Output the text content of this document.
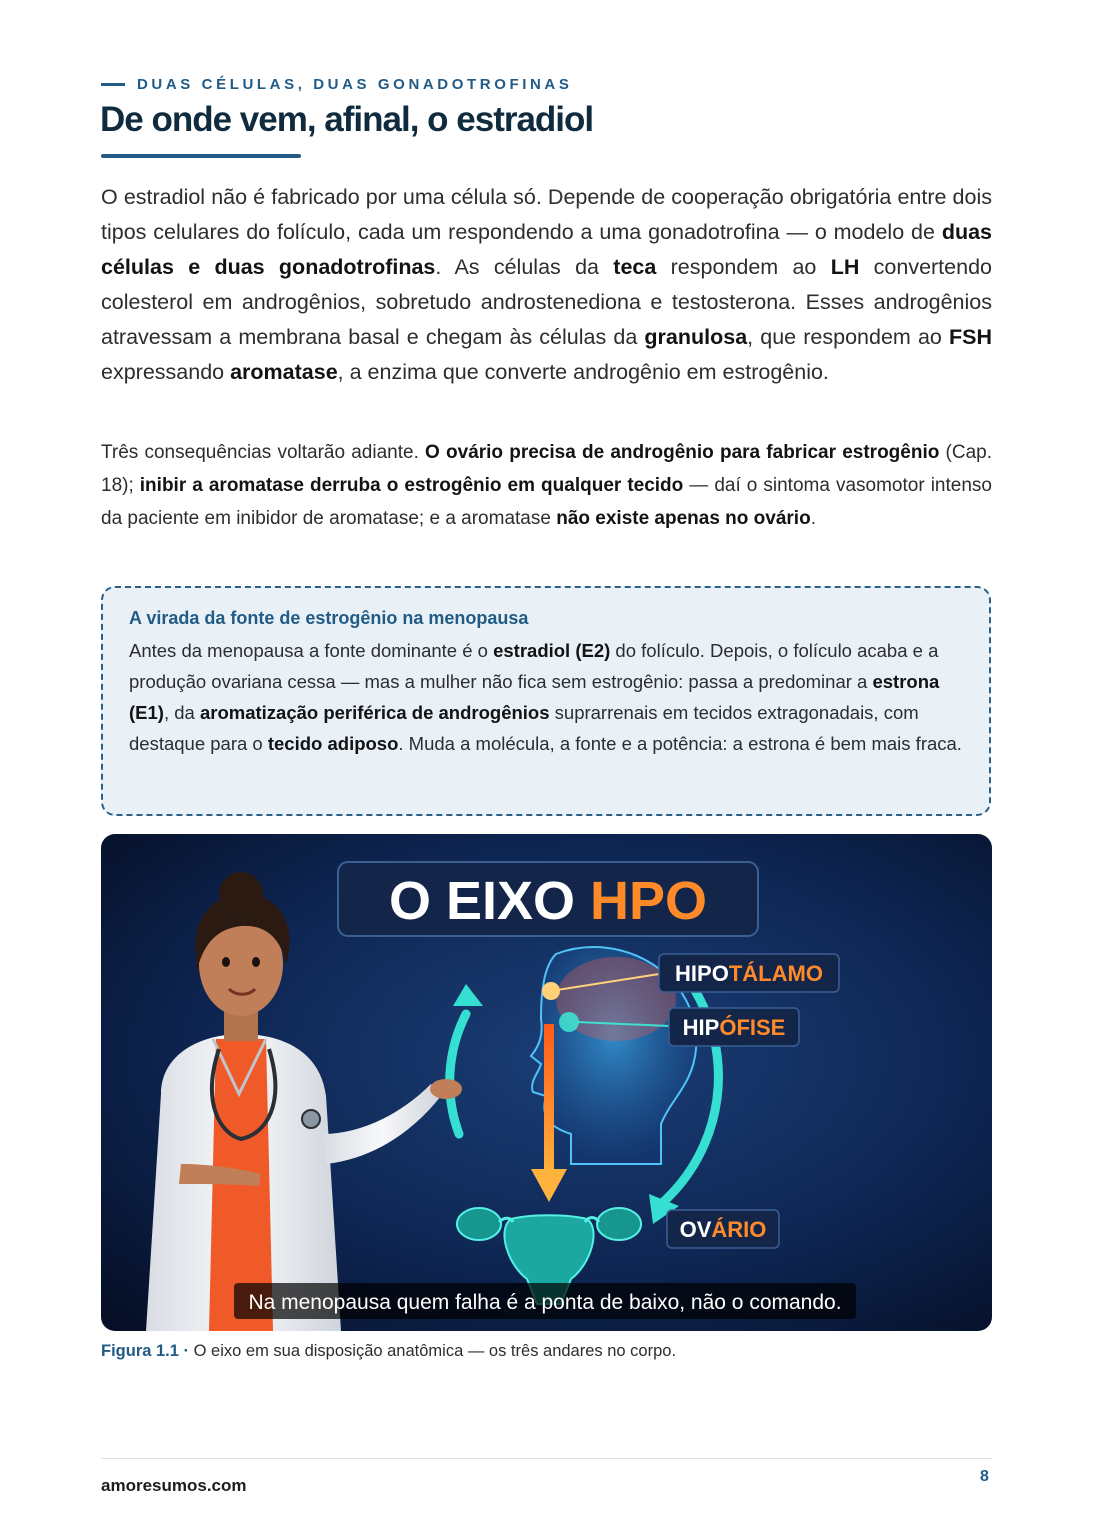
DUAS CÉLULAS, DUAS GONADOTROFINAS
De onde vem, afinal, o estradiol

O estradiol não é fabricado por uma célula só. Depende de cooperação obrigatória entre dois tipos celulares do folículo, cada um respondendo a uma gonadotrofina — o modelo de duas células e duas gonadotrofinas. As células da teca respondem ao LH convertendo colesterol em androgênios, sobretudo androstenediona e testosterona. Esses androgênios atravessam a membrana basal e chegam às células da granulosa, que respondem ao FSH expressando aromatase, a enzima que converte androgênio em estrogênio.

Três consequências voltarão adiante. O ovário precisa de androgênio para fabricar estrogênio (Cap. 18); inibir a aromatase derruba o estrogênio em qualquer tecido — daí o sintoma vasomotor intenso da paciente em inibidor de aromatase; e a aromatase não existe apenas no ovário.

A virada da fonte de estrogênio na menopausa

Antes da menopausa a fonte dominante é o estradiol (E2) do folículo. Depois, o folículo acaba e a produção ovariana cessa — mas a mulher não fica sem estrogênio: passa a predominar a estrona (E1), da aromatização periférica de androgênios suprarrenais em tecidos extragonadais, com destaque para o tecido adiposo. Muda a molécula, a fonte e a potência: a estrona é bem mais fraca.

O EIXO HPO
HIPOTÁLAMO
HIPÓFISE
OVÁRIO
Na menopausa quem falha é a ponta de baixo, não o comando.
Figura 1.1 · O eixo em sua disposição anatômica — os três andares no corpo.
amoresumos.com	8
